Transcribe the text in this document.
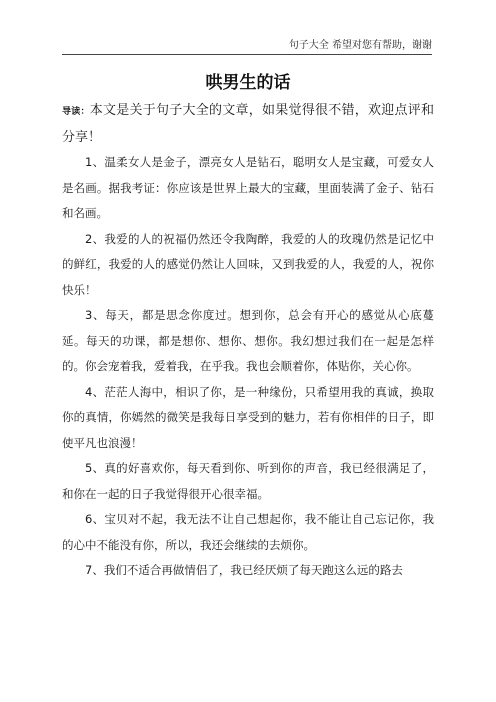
句子大全 希望对您有帮助，谢谢
哄男生的话

导读：本文是关于句子大全的文章，如果觉得很不错，欢迎点评和分享！

1、温柔女人是金子，漂亮女人是钻石，聪明女人是宝藏，可爱女人是名画。据我考证：你应该是世界上最大的宝藏，里面装满了金子、钻石和名画。

2、我爱的人的祝福仍然还令我陶醉，我爱的人的玫瑰仍然是记忆中的鲜红，我爱的人的感觉仍然让人回味，又到我爱的人，我爱的人，祝你快乐！

3、每天，都是思念你度过。想到你，总会有开心的感觉从心底蔓延。每天的功课，都是想你、想你、想你。我幻想过我们在一起是怎样的。你会宠着我，爱着我，在乎我。我也会顺着你，体贴你，关心你。

4、茫茫人海中，相识了你，是一种缘份，只希望用我的真诚，换取你的真情，你嫣然的微笑是我每日享受到的魅力，若有你相伴的日子，即使平凡也浪漫！

5、真的好喜欢你，每天看到你、听到你的声音，我已经很满足了，和你在一起的日子我觉得很开心很幸福。

6、宝贝对不起，我无法不让自己想起你，我不能让自己忘记你，我的心中不能没有你，所以，我还会继续的去烦你。

7、我们不适合再做情侣了，我已经厌烦了每天跑这么远的路去
